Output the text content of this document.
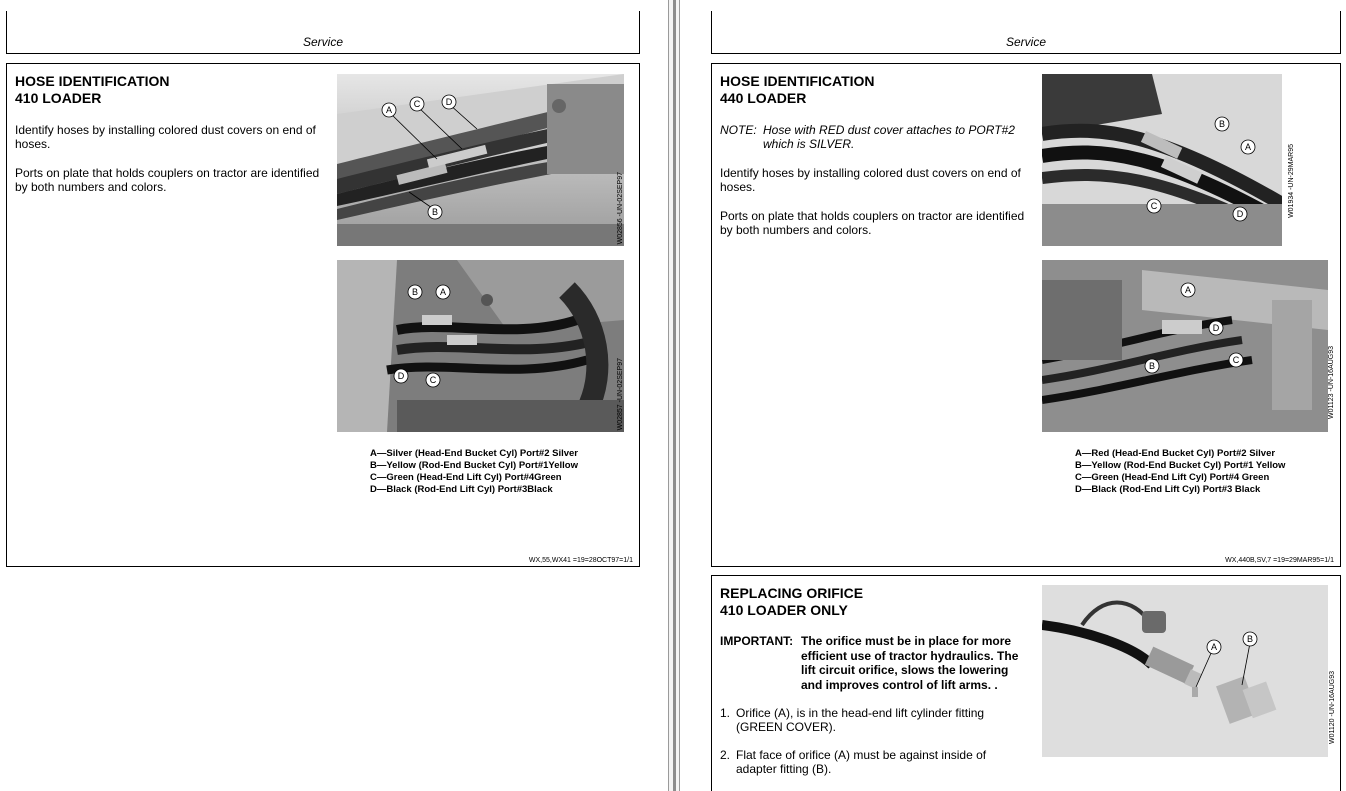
Service
HOSE IDENTIFICATION
410 LOADER
Identify hoses by installing colored dust covers on end of hoses.
Ports on plate that holds couplers on tractor are identified by both numbers and colors.
A
C	D
B	W02856 -UN-02SEP97
B A
D	C	W02857 -UN-02SEP97
A—Silver (Head-End Bucket Cyl) Port#2 Silver
B—Yellow (Rod-End Bucket Cyl) Port#1Yellow
C—Green (Head-End Lift Cyl) Port#4Green
D—Black (Rod-End Lift Cyl) Port#3Black
WX,55,WX41 =19=28OCT97=1/1
Service
HOSE IDENTIFICATION
440 LOADER
NOTE: Hose with RED dust cover attaches to PORT#2 which is SILVER.
Identify hoses by installing colored dust covers on end of hoses.
Ports on plate that holds couplers on tractor are identified by both numbers and colors.
B
A
C
D	W01934 -UN-29MAR95
A
D
B
C	W01123 -UN-16AUG93
A—Red (Head-End Bucket Cyl) Port#2 Silver
B—Yellow (Rod-End Bucket Cyl) Port#1 Yellow
C—Green (Head-End Lift Cyl) Port#4 Green
D—Black (Rod-End Lift Cyl) Port#3 Black
WX,440B,SV,7 =19=29MAR95=1/1
REPLACING ORIFICE
410 LOADER ONLY
IMPORTANT: The orifice must be in place for more
efficient use of tractor hydraulics. The
lift circuit orifice, slows the lowering
and improves control of lift arms. .
1. Orifice (A), is in the head-end lift cylinder fitting
(GREEN COVER).
2. Flat face of orifice (A) must be against inside of
adapter fitting (B).
A
B
W01120 -UN-16AUG93
